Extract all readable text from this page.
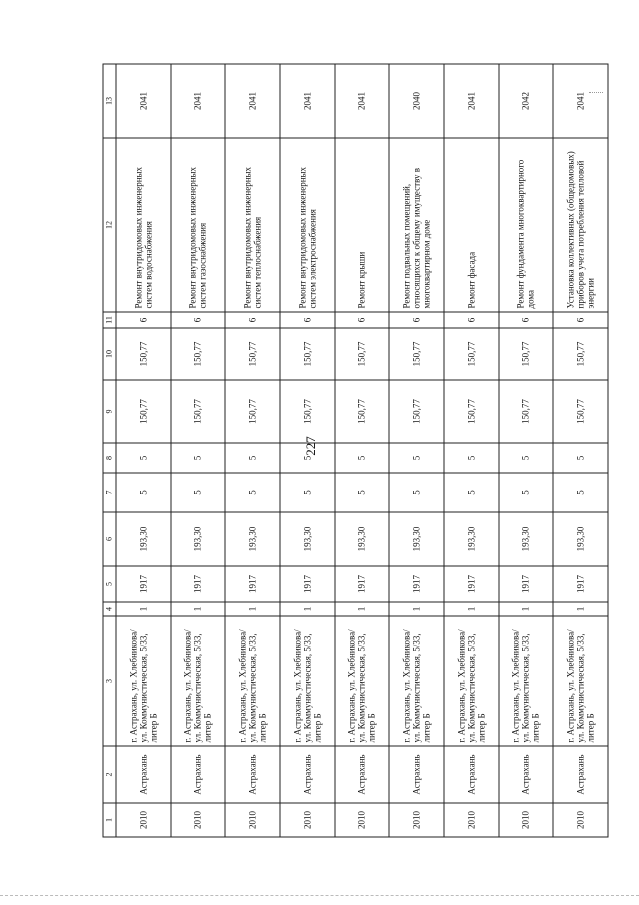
227
1	2	3	4	5	6	7	8	9	10	11	12	13
2010	Астрахань	г. Астрахань, ул. Хлебникова/ ул. Коммунистическая, 5/33, литер Б	1	1917	193,30	5	5	150,77	150,77	6	Ремонт внутридомовых инженерных систем водоснабжения	2041
2010	Астрахань	г. Астрахань, ул. Хлебникова/ ул. Коммунистическая, 5/33, литер Б	1	1917	193,30	5	5	150,77	150,77	6	Ремонт внутридомовых инженерных систем газоснабжения	2041
2010	Астрахань	г. Астрахань, ул. Хлебникова/ ул. Коммунистическая, 5/33, литер Б	1	1917	193,30	5	5	150,77	150,77	6	Ремонт внутридомовых инженерных систем теплоснабжения	2041
2010	Астрахань	г. Астрахань, ул. Хлебникова/ ул. Коммунистическая, 5/33, литер Б	1	1917	193,30	5	5	150,77	150,77	6	Ремонт внутридомовых инженерных систем электроснабжения	2041
2010	Астрахань	г. Астрахань, ул. Хлебникова/ ул. Коммунистическая, 5/33, литер Б	1	1917	193,30	5	5	150,77	150,77	6	Ремонт крыши	2041
2010	Астрахань	г. Астрахань, ул. Хлебникова/ ул. Коммунистическая, 5/33, литер Б	1	1917	193,30	5	5	150,77	150,77	6	Ремонт подвальных помещений, относящихся к общему имуществу в многоквартирном доме	2040
2010	Астрахань	г. Астрахань, ул. Хлебникова/ ул. Коммунистическая, 5/33, литер Б	1	1917	193,30	5	5	150,77	150,77	6	Ремонт фасада	2041
2010	Астрахань	г. Астрахань, ул. Хлебникова/ ул. Коммунистическая, 5/33, литер Б	1	1917	193,30	5	5	150,77	150,77	6	Ремонт фундамента многоквартирного дома	2042
2010	Астрахань	г. Астрахань, ул. Хлебникова/ ул. Коммунистическая, 5/33, литер Б	1	1917	193,30	5	5	150,77	150,77	6	Установка коллективных (общедомовых) приборов учета потребления тепловой энергии	2041
